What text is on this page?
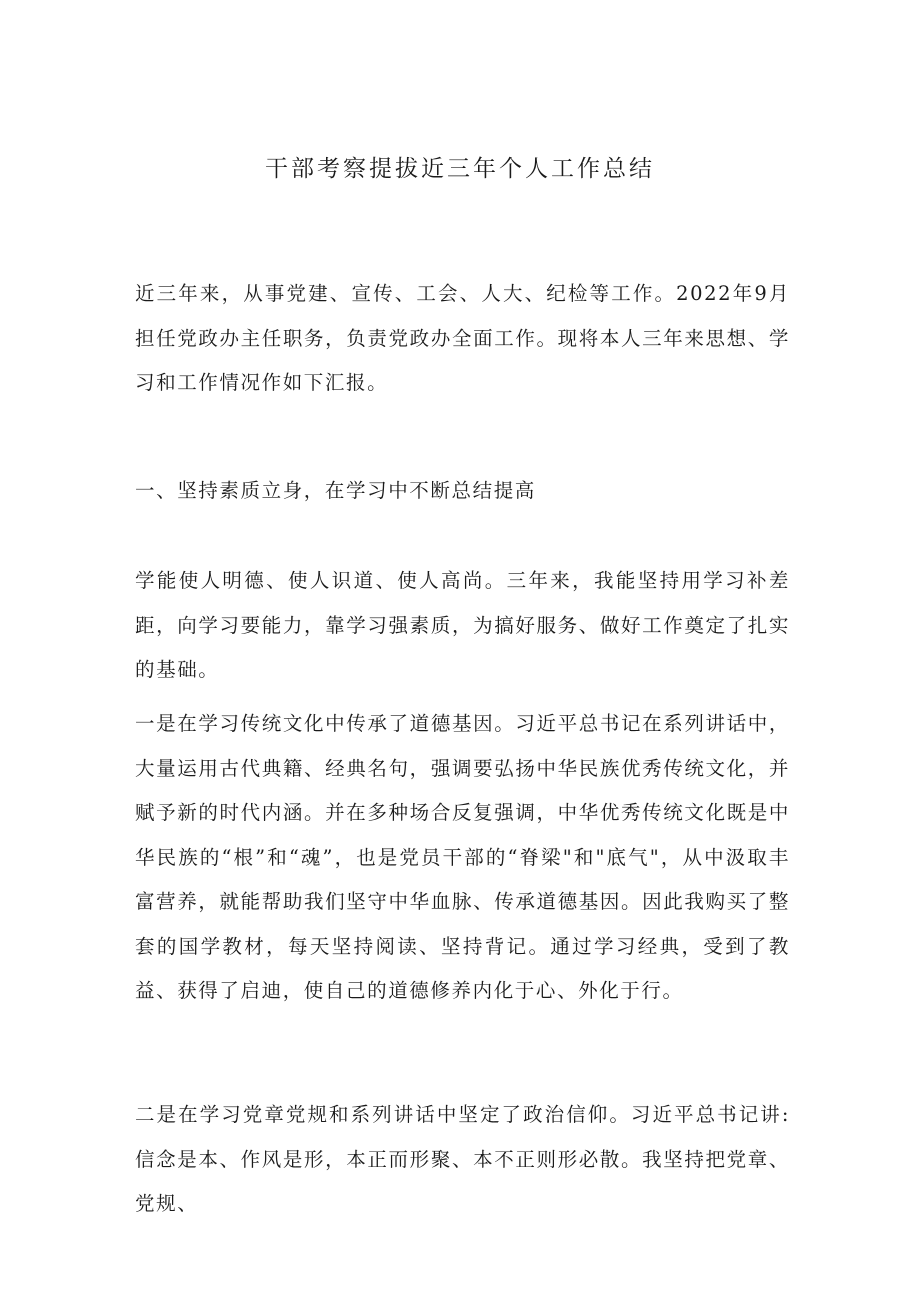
干部考察提拔近三年个人工作总结

近三年来，从事党建、宣传、工会、人大、纪检等工作。2022年9月担任党政办主任职务，负责党政办全面工作。现将本人三年来思想、学习和工作情况作如下汇报。

一、坚持素质立身，在学习中不断总结提高

学能使人明德、使人识道、使人高尚。三年来，我能坚持用学习补差距，向学习要能力，靠学习强素质，为搞好服务、做好工作奠定了扎实的基础。

一是在学习传统文化中传承了道德基因。习近平总书记在系列讲话中，大量运用古代典籍、经典名句，强调要弘扬中华民族优秀传统文化，并赋予新的时代内涵。并在多种场合反复强调，中华优秀传统文化既是中华民族的“根”和“魂”，也是党员干部的“脊梁"和"底气"，从中汲取丰富营养，就能帮助我们坚守中华血脉、传承道德基因。因此我购买了整套的国学教材，每天坚持阅读、坚持背记。通过学习经典，受到了教益、获得了启迪，使自己的道德修养内化于心、外化于行。

二是在学习党章党规和系列讲话中坚定了政治信仰。习近平总书记讲:信念是本、作风是形，本正而形聚、本不正则形必散。我坚持把党章、党规、
